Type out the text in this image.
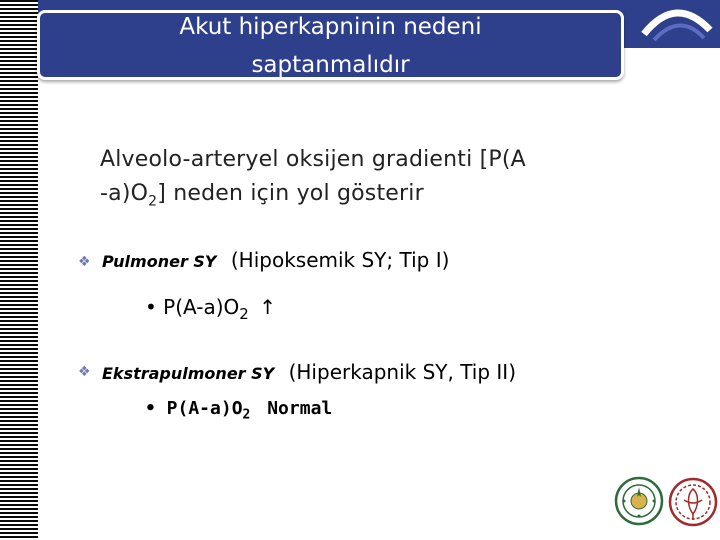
Akut hiperkapninin nedeni
saptanmalıdır
Alveolo-arteryel oksijen gradienti [P(A
$-a)O_2$] neden için yol gösterir
❖ Pulmoner SY (Hipoksemik SY; Tip I)
• $P(A-a)O_2$ ↑
❖ Ekstrapulmoner SY (Hiperkapnik SY, Tip II)
• $P(A-a)O_2$ Normal
